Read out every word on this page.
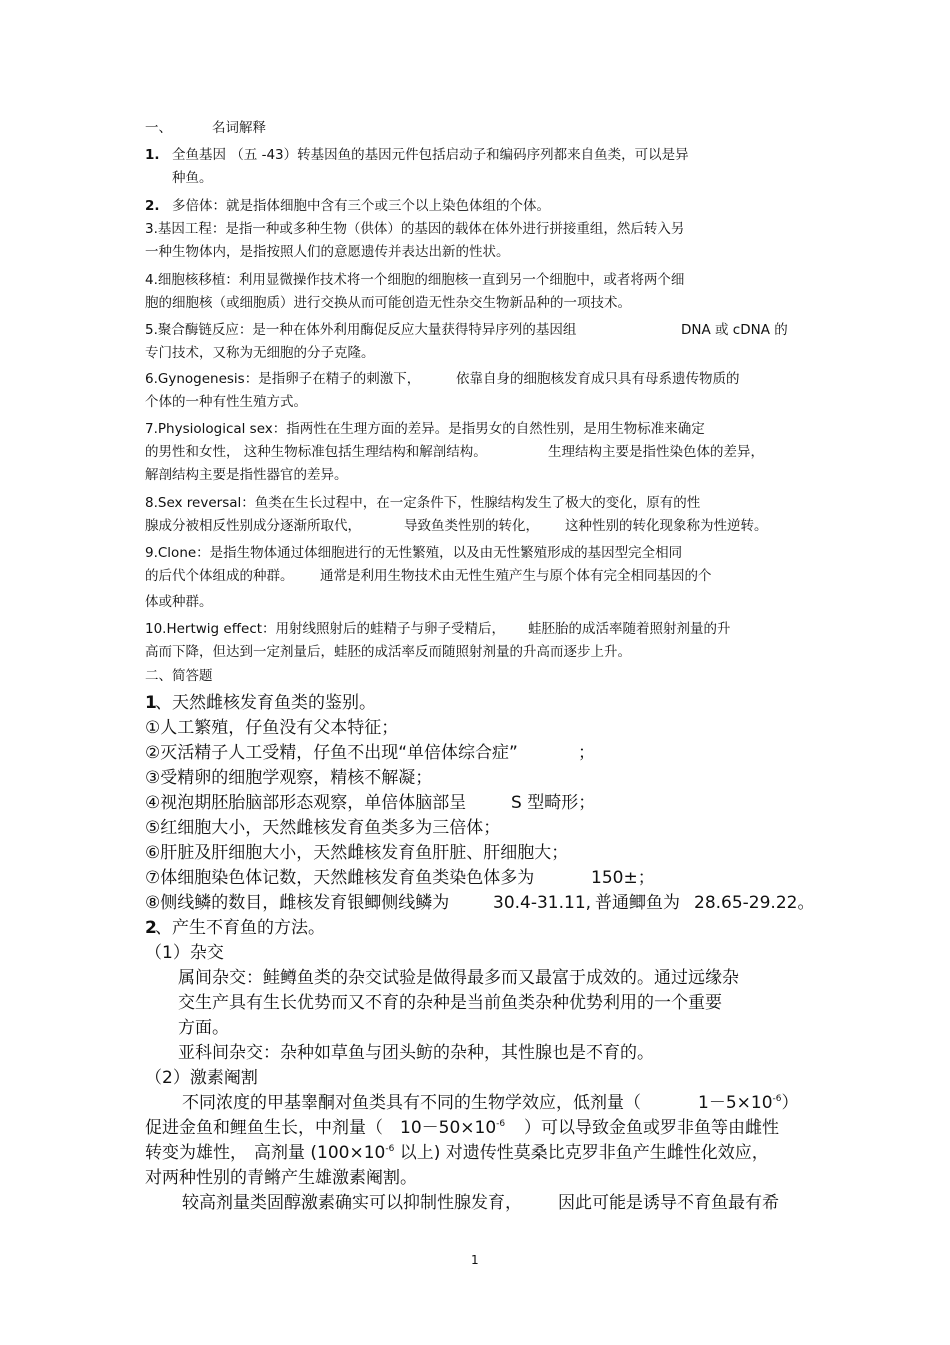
一、	名词解释
1. 全鱼基因 （五 -43）转基因鱼的基因元件包括启动子和编码序列都来自鱼类，可以是异
种鱼。
2. 多倍体：就是指体细胞中含有三个或三个以上染色体组的个体。
3.基因工程：是指一种或多种生物（供体）的基因的载体在体外进行拼接重组，然后转入另
一种生物体内，是指按照人们的意愿遗传并表达出新的性状。
4.细胞核移植：利用显微操作技术将一个细胞的细胞核一直到另一个细胞中，或者将两个细
胞的细胞核（或细胞质）进行交换从而可能创造无性杂交生物新品种的一项技术。
5.聚合酶链反应：是一种在体外利用酶促反应大量获得特异序列的基因组	DNA 或 cDNA 的
专门技术，又称为无细胞的分子克隆。
6.Gynogenesis：是指卵子在精子的刺激下，	依靠自身的细胞核发育成只具有母系遗传物质的
个体的一种有性生殖方式。
7.Physiological sex：指两性在生理方面的差异。是指男女的自然性别，是用生物标准来确定
的男性和女性， 这种生物标准包括生理结构和解剖结构。	生理结构主要是指性染色体的差异，
解剖结构主要是指性器官的差异。
8.Sex reversal：鱼类在生长过程中，在一定条件下，性腺结构发生了极大的变化，原有的性
腺成分被相反性别成分逐渐所取代，	导致鱼类性别的转化， 这种性别的转化现象称为性逆转。
9.Clone：是指生物体通过体细胞进行的无性繁殖，以及由无性繁殖形成的基因型完全相同
的后代个体组成的种群。 通常是利用生物技术由无性生殖产生与原个体有完全相同基因的个
体或种群。
10.Hertwig effect：用射线照射后的蛙精子与卵子受精后， 蛙胚胎的成活率随着照射剂量的升
高而下降，但达到一定剂量后，蛙胚的成活率反而随照射剂量的升高而逐步上升。
二、简答题
1
、天然雌核发育鱼类的鉴别。
①人工繁殖，仔鱼没有父本特征；
②灭活精子人工受精，仔鱼不出现“单倍体综合症”	；
③受精卵的细胞学观察，精核不解凝；
④视泡期胚胎脑部形态观察，单倍体脑部呈	S 型畸形；
⑤红细胞大小，天然雌核发育鱼类多为三倍体；
⑥肝脏及肝细胞大小，天然雌核发育鱼肝脏、肝细胞大；
⑦体细胞染色体记数，天然雌核发育鱼类染色体多为	150±；
⑧侧线鳞的数目，雌核发育银鲫侧线鳞为	30.4-31.11, 普通鲫鱼为 28.65-29.22。
2
、产生不育鱼的方法。
（1）杂交
属间杂交：鲑鳟鱼类的杂交试验是做得最多而又最富于成效的。通过远缘杂
交生产具有生长优势而又不育的杂种是当前鱼类杂种优势利用的一个重要
方面。
亚科间杂交：杂种如草鱼与团头鲂的杂种，其性腺也是不育的。
（2）激素阉割
不同浓度的甲基睾酮对鱼类具有不同的生物学效应，低剂量（	$1-5\times 10^{-6}$）
促进金鱼和鲤鱼生长，中剂量（ $10-50\times 10^{-6}$ ）可以导致金鱼或罗非鱼等由雌性
转变为雄性， 高剂量 ($100\times 10^{-6}$ 以上) 对遗传性莫桑比克罗非鱼产生雌性化效应，
对两种性别的青鳉产生雄激素阉割。
较高剂量类固醇激素确实可以抑制性腺发育， 因此可能是诱导不育鱼最有希
1
